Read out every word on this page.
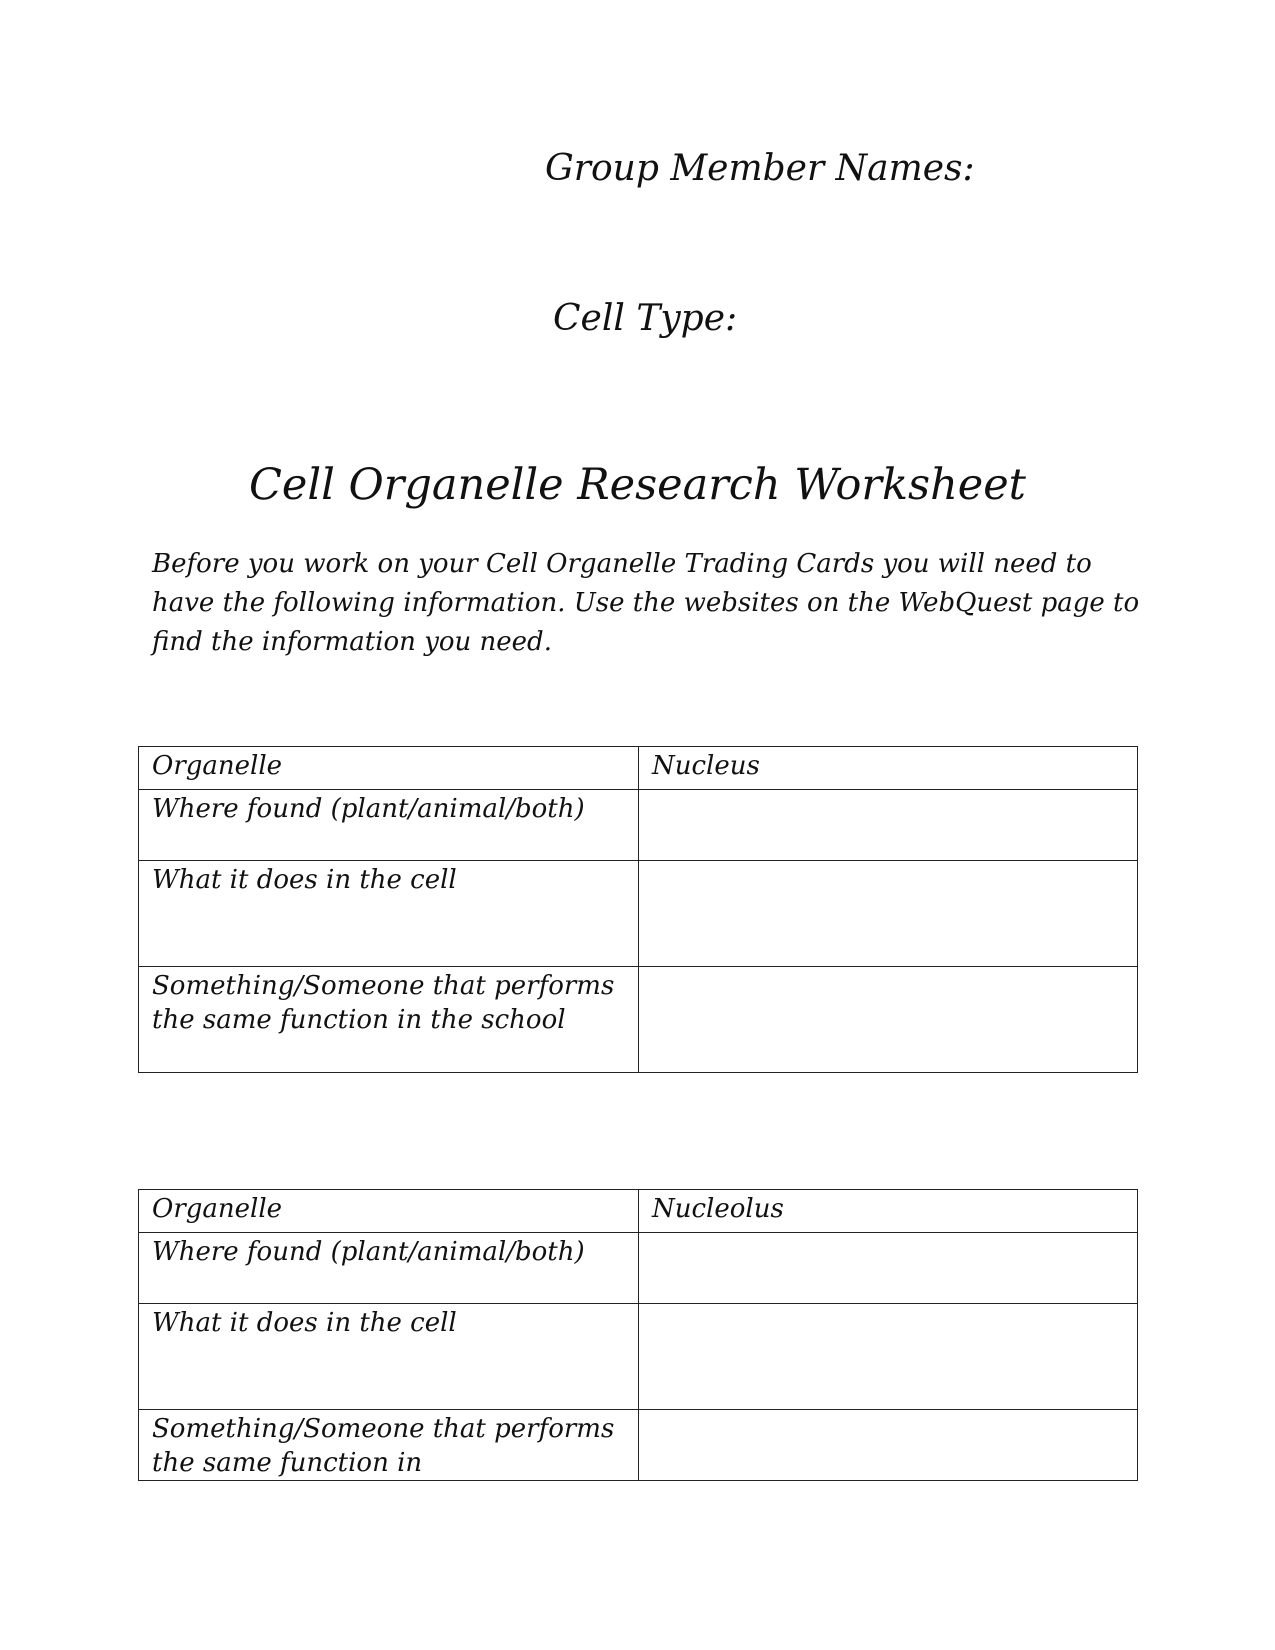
Group Member Names:
Cell Type:
Cell Organelle Research Worksheet
Before you work on your Cell Organelle Trading Cards you will need to have the following information. Use the websites on the WebQuest page to find the information you need.
Organelle	Nucleus
Where found (plant/animal/both)	
What it does in the cell	
Something/Someone that performs the same function in the school	
Organelle	Nucleolus
Where found (plant/animal/both)	
What it does in the cell	
Something/Someone that performs the same function in	
